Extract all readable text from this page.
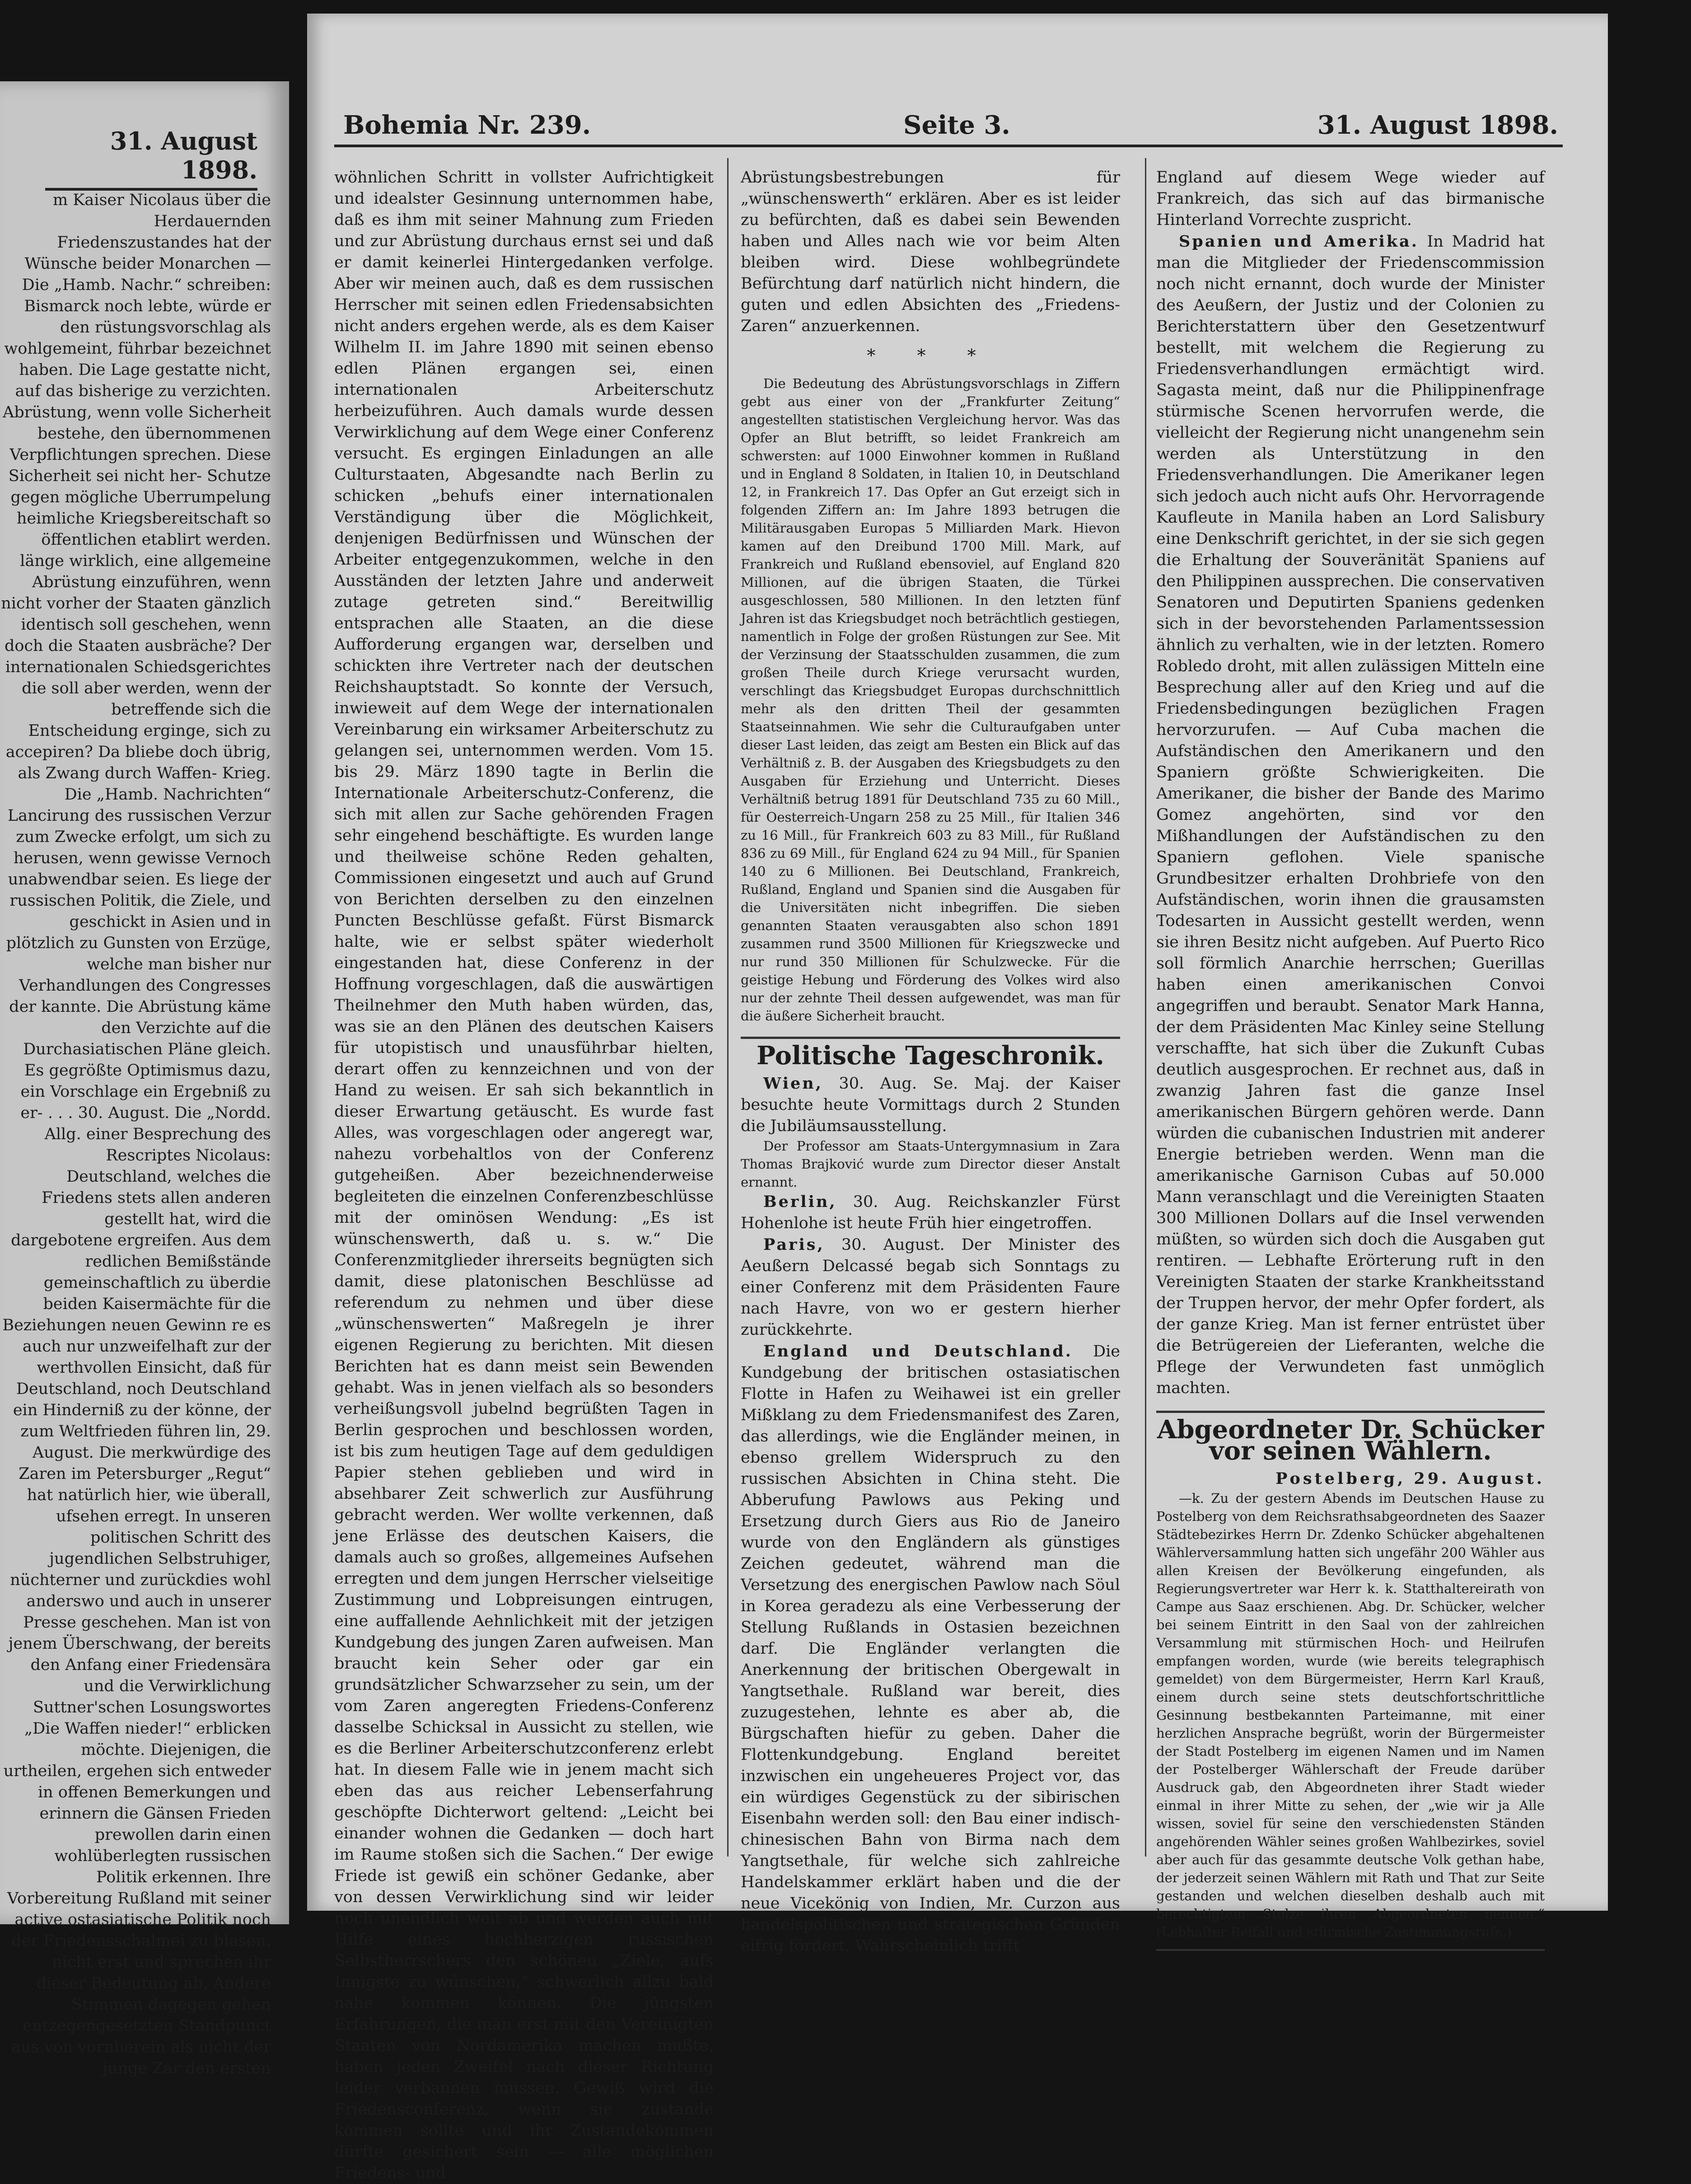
31. August 1898.

m Kaiser Nicolaus über die Herdauernden Friedenszustandes hat der Wünsche beider Monarchen — Die „Hamb. Nachr.“ schreiben: Bismarck noch lebte, würde er den rüstungsvorschlag als wohlgemeint, führbar bezeichnet haben. Die Lage gestatte nicht, auf das bisherige zu verzichten. Abrüstung, wenn volle Sicherheit bestehe, den übernommenen Verpflichtungen sprechen. Diese Sicherheit sei nicht her- Schutze gegen mögliche Uberrumpelung heimliche Kriegsbereitschaft so öffentlichen etablirt werden. länge wirklich, eine allgemeine Abrüstung einzuführen, wenn nicht vorher der Staaten gänzlich identisch soll geschehen, wenn doch die Staaten ausbräche? Der internationalen Schiedsgerichtes die soll aber werden, wenn der betreffende sich die Entscheidung erginge, sich zu accepiren? Da bliebe doch übrig, als Zwang durch Waffen- Krieg. Die „Hamb. Nachrichten“ Lancirung des russischen Verzur zum Zwecke erfolgt, um sich zu herusen, wenn gewisse Vernoch unabwendbar seien. Es liege der russischen Politik, die Ziele, und geschickt in Asien und in plötzlich zu Gunsten von Erzüge, welche man bisher nur Verhandlungen des Congresses der kannte. Die Abrüstung käme den Verzichte auf die Durchasiatischen Pläne gleich. Es gegrößte Optimismus dazu, ein Vorschlage ein Ergebniß zu er- . . . 30. August. Die „Nordd. Allg. einer Besprechung des Rescriptes Nicolaus: Deutschland, welches die Friedens stets allen anderen gestellt hat, wird die dargebotene ergreifen. Aus dem redlichen Bemißstände gemeinschaftlich zu überdie beiden Kaisermächte für die Beziehungen neuen Gewinn re es auch nur unzweifelhaft zur der werthvollen Einsicht, daß für Deutschland, noch Deutschland ein Hinderniß zu der könne, der zum Weltfrieden führen lin, 29. August. Die merkwürdige des Zaren im Petersburger „Regut“ hat natürlich hier, wie überall, ufsehen erregt. In unseren politischen Schritt des jugendlichen Selbstruhiger, nüchterner und zurückdies wohl anderswo und auch in unserer Presse geschehen. Man ist von jenem Überschwang, der bereits den Anfang einer Friedensära und die Verwirklichung Suttner'schen Losungswortes „Die Waffen nieder!“ erblicken möchte. Diejenigen, die urtheilen, ergehen sich entweder in offenen Bemerkungen und erinnern die Gänsen Frieden prewollen darin einen wohlüberlegten russischen Politik erkennen. Ihre Vorbereitung Rußland mit seiner active ostasiatische Politik noch der Friedensschalmei zu blasen. nicht erst und sprechen ihr dieser Bedeutung ab. Andere Stimmen dagegen gehen entzegengesetzten Standpunct aus von vornherein als nicht der junge Zar den ersten

Bohemia Nr. 239.	Seite 3.	31. August 1898.

wöhnlichen Schritt in vollster Aufrichtigkeit und idealster Gesinnung unternommen habe, daß es ihm mit seiner Mahnung zum Frieden und zur Abrüstung durchaus ernst sei und daß er damit keinerlei Hintergedanken verfolge. Aber wir meinen auch, daß es dem russischen Herrscher mit seinen edlen Friedensabsichten nicht anders ergehen werde, als es dem Kaiser Wilhelm II. im Jahre 1890 mit seinen ebenso edlen Plänen ergangen sei, einen internationalen Arbeiterschutz herbeizuführen. Auch damals wurde dessen Verwirklichung auf dem Wege einer Conferenz versucht. Es ergingen Einladungen an alle Culturstaaten, Abgesandte nach Berlin zu schicken „behufs einer internationalen Verständigung über die Möglichkeit, denjenigen Bedürfnissen und Wünschen der Arbeiter entgegenzukommen, welche in den Ausständen der letzten Jahre und anderweit zutage getreten sind.“ Bereitwillig entsprachen alle Staaten, an die diese Aufforderung ergangen war, derselben und schickten ihre Vertreter nach der deutschen Reichshauptstadt. So konnte der Versuch, inwieweit auf dem Wege der internationalen Vereinbarung ein wirksamer Arbeiterschutz zu gelangen sei, unternommen werden. Vom 15. bis 29. März 1890 tagte in Berlin die Internationale Arbeiterschutz-Conferenz, die sich mit allen zur Sache gehörenden Fragen sehr eingehend beschäftigte. Es wurden lange und theilweise schöne Reden gehalten, Commissionen eingesetzt und auch auf Grund von Berichten derselben zu den einzelnen Puncten Beschlüsse gefaßt. Fürst Bismarck halte, wie er selbst später wiederholt eingestanden hat, diese Conferenz in der Hoffnung vorgeschlagen, daß die auswärtigen Theilnehmer den Muth haben würden, das, was sie an den Plänen des deutschen Kaisers für utopistisch und unausführbar hielten, derart offen zu kennzeichnen und von der Hand zu weisen. Er sah sich bekanntlich in dieser Erwartung getäuscht. Es wurde fast Alles, was vorgeschlagen oder angeregt war, nahezu vorbehaltlos von der Conferenz gutgeheißen. Aber bezeichnenderweise begleiteten die einzelnen Conferenzbeschlüsse mit der ominösen Wendung: „Es ist wünschenswerth, daß u. s. w.“ Die Conferenzmitglieder ihrerseits begnügten sich damit, diese platonischen Beschlüsse ad referendum zu nehmen und über diese „wünschenswerten“ Maßregeln je ihrer eigenen Regierung zu berichten. Mit diesen Berichten hat es dann meist sein Bewenden gehabt. Was in jenen vielfach als so besonders verheißungsvoll jubelnd begrüßten Tagen in Berlin gesprochen und beschlossen worden, ist bis zum heutigen Tage auf dem geduldigen Papier stehen geblieben und wird in absehbarer Zeit schwerlich zur Ausführung gebracht werden. Wer wollte verkennen, daß jene Erlässe des deutschen Kaisers, die damals auch so großes, allgemeines Aufsehen erregten und dem jungen Herrscher vielseitige Zustimmung und Lobpreisungen eintrugen, eine auffallende Aehnlichkeit mit der jetzigen Kundgebung des jungen Zaren aufweisen. Man braucht kein Seher oder gar ein grundsätzlicher Schwarzseher zu sein, um der vom Zaren angeregten Friedens-Conferenz dasselbe Schicksal in Aussicht zu stellen, wie es die Berliner Arbeiterschutzconferenz erlebt hat. In diesem Falle wie in jenem macht sich eben das aus reicher Lebenserfahrung geschöpfte Dichterwort geltend: „Leicht bei einander wohnen die Gedanken — doch hart im Raume stoßen sich die Sachen.“ Der ewige Friede ist gewiß ein schöner Gedanke, aber von dessen Verwirklichung sind wir leider noch unendlich weit ab und werden auch mit Hilfe eines hochherzigen russischen Selbstherrschers den schönen „Ziele, aufs Innigste zu wünschen,“ schwerlich allzu bald nahe kommen können. Die jüngsten Erfahrungen, die man erst mit den Vereinigten Staaten von Nordamerika machen mußte, haben jeden Zweifel nach dieser Richtung leider verbannen müssen. Gewiß wird die Friedensconferenz, wenn sie zustande kommen sollte und ihr Zustandekommen dürfte gesichert sein — alle möglichen Friedens- und

Abrüstungsbestrebungen für „wünschenswerth“ erklären. Aber es ist leider zu befürchten, daß es dabei sein Bewenden haben und Alles nach wie vor beim Alten bleiben wird. Diese wohlbegründete Befürchtung darf natürlich nicht hindern, die guten und edlen Absichten des „Friedens-Zaren“ anzuerkennen.

* * *

Die Bedeutung des Abrüstungsvorschlags in Ziffern gebt aus einer von der „Frankfurter Zeitung“ angestellten statistischen Vergleichung hervor. Was das Opfer an Blut betrifft, so leidet Frankreich am schwersten: auf 1000 Einwohner kommen in Rußland und in England 8 Soldaten, in Italien 10, in Deutschland 12, in Frankreich 17. Das Opfer an Gut erzeigt sich in folgenden Ziffern an: Im Jahre 1893 betrugen die Militärausgaben Europas 5 Milliarden Mark. Hievon kamen auf den Dreibund 1700 Mill. Mark, auf Frankreich und Rußland ebensoviel, auf England 820 Millionen, auf die übrigen Staaten, die Türkei ausgeschlossen, 580 Millionen. In den letzten fünf Jahren ist das Kriegsbudget noch beträchtlich gestiegen, namentlich in Folge der großen Rüstungen zur See. Mit der Verzinsung der Staatsschulden zusammen, die zum großen Theile durch Kriege verursacht wurden, verschlingt das Kriegsbudget Europas durchschnittlich mehr als den dritten Theil der gesammten Staatseinnahmen. Wie sehr die Culturaufgaben unter dieser Last leiden, das zeigt am Besten ein Blick auf das Verhältniß z. B. der Ausgaben des Kriegsbudgets zu den Ausgaben für Erziehung und Unterricht. Dieses Verhältniß betrug 1891 für Deutschland 735 zu 60 Mill., für Oesterreich-Ungarn 258 zu 25 Mill., für Italien 346 zu 16 Mill., für Frankreich 603 zu 83 Mill., für Rußland 836 zu 69 Mill., für England 624 zu 94 Mill., für Spanien 140 zu 6 Millionen. Bei Deutschland, Frankreich, Rußland, England und Spanien sind die Ausgaben für die Universitäten nicht inbegriffen. Die sieben genannten Staaten verausgabten also schon 1891 zusammen rund 3500 Millionen für Kriegszwecke und nur rund 350 Millionen für Schulzwecke. Für die geistige Hebung und Förderung des Volkes wird also nur der zehnte Theil dessen aufgewendet, was man für die äußere Sicherheit braucht.

Politische Tageschronik.

Wien, 30. Aug. Se. Maj. der Kaiser besuchte heute Vormittags durch 2 Stunden die Jubiläumsausstellung.

Der Professor am Staats-Untergymnasium in Zara Thomas Brajković wurde zum Director dieser Anstalt ernannt.

Berlin, 30. Aug. Reichskanzler Fürst Hohenlohe ist heute Früh hier eingetroffen.

Paris, 30. August. Der Minister des Aeußern Delcassé begab sich Sonntags zu einer Conferenz mit dem Präsidenten Faure nach Havre, von wo er gestern hierher zurückkehrte.

England und Deutschland. Die Kundgebung der britischen ostasiatischen Flotte in Hafen zu Weihawei ist ein greller Mißklang zu dem Friedensmanifest des Zaren, das allerdings, wie die Engländer meinen, in ebenso grellem Widerspruch zu den russischen Absichten in China steht. Die Abberufung Pawlows aus Peking und Ersetzung durch Giers aus Rio de Janeiro wurde von den Engländern als günstiges Zeichen gedeutet, während man die Versetzung des energischen Pawlow nach Söul in Korea geradezu als eine Verbesserung der Stellung Rußlands in Ostasien bezeichnen darf. Die Engländer verlangten die Anerkennung der britischen Obergewalt in Yangtsethale. Rußland war bereit, dies zuzugestehen, lehnte es aber ab, die Bürgschaften hiefür zu geben. Daher die Flottenkundgebung. England bereitet inzwischen ein ungeheueres Project vor, das ein würdiges Gegenstück zu der sibirischen Eisenbahn werden soll: den Bau einer indisch-chinesischen Bahn von Birma nach dem Yangtsethale, für welche sich zahlreiche Handelskammer erklärt haben und die der neue Vicekönig von Indien, Mr. Curzon aus handelspolitischen und strategischen Gründen eifrig fördert. Wahrscheinlich trifft

England auf diesem Wege wieder auf Frankreich, das sich auf das birmanische Hinterland Vorrechte zuspricht.

Spanien und Amerika. In Madrid hat man die Mitglieder der Friedenscommission noch nicht ernannt, doch wurde der Minister des Aeußern, der Justiz und der Colonien zu Berichterstattern über den Gesetzentwurf bestellt, mit welchem die Regierung zu Friedensverhandlungen ermächtigt wird. Sagasta meint, daß nur die Philippinenfrage stürmische Scenen hervorrufen werde, die vielleicht der Regierung nicht unangenehm sein werden als Unterstützung in den Friedensverhandlungen. Die Amerikaner legen sich jedoch auch nicht aufs Ohr. Hervorragende Kaufleute in Manila haben an Lord Salisbury eine Denkschrift gerichtet, in der sie sich gegen die Erhaltung der Souveränität Spaniens auf den Philippinen aussprechen. Die conservativen Senatoren und Deputirten Spaniens gedenken sich in der bevorstehenden Parlamentssession ähnlich zu verhalten, wie in der letzten. Romero Robledo droht, mit allen zulässigen Mitteln eine Besprechung aller auf den Krieg und auf die Friedensbedingungen bezüglichen Fragen hervorzurufen. — Auf Cuba machen die Aufständischen den Amerikanern und den Spaniern größte Schwierigkeiten. Die Amerikaner, die bisher der Bande des Marimo Gomez angehörten, sind vor den Mißhandlungen der Aufständischen zu den Spaniern geflohen. Viele spanische Grundbesitzer erhalten Drohbriefe von den Aufständischen, worin ihnen die grausamsten Todesarten in Aussicht gestellt werden, wenn sie ihren Besitz nicht aufgeben. Auf Puerto Rico soll förmlich Anarchie herrschen; Guerillas haben einen amerikanischen Convoi angegriffen und beraubt. Senator Mark Hanna, der dem Präsidenten Mac Kinley seine Stellung verschaffte, hat sich über die Zukunft Cubas deutlich ausgesprochen. Er rechnet aus, daß in zwanzig Jahren fast die ganze Insel amerikanischen Bürgern gehören werde. Dann würden die cubanischen Industrien mit anderer Energie betrieben werden. Wenn man die amerikanische Garnison Cubas auf 50.000 Mann veranschlagt und die Vereinigten Staaten 300 Millionen Dollars auf die Insel verwenden müßten, so würden sich doch die Ausgaben gut rentiren. — Lebhafte Erörterung ruft in den Vereinigten Staaten der starke Krankheitsstand der Truppen hervor, der mehr Opfer fordert, als der ganze Krieg. Man ist ferner entrüstet über die Betrügereien der Lieferanten, welche die Pflege der Verwundeten fast unmöglich machten.

Abgeordneter Dr. Schücker vor seinen Wählern.

Postelberg, 29. August.

—k. Zu der gestern Abends im Deutschen Hause zu Postelberg von dem Reichsrathsabgeordneten des Saazer Städtebezirkes Herrn Dr. Zdenko Schücker abgehaltenen Wählerversammlung hatten sich ungefähr 200 Wähler aus allen Kreisen der Bevölkerung eingefunden, als Regierungsvertreter war Herr k. k. Statthaltereirath von Campe aus Saaz erschienen. Abg. Dr. Schücker, welcher bei seinem Eintritt in den Saal von der zahlreichen Versammlung mit stürmischen Hoch- und Heilrufen empfangen worden, wurde (wie bereits telegraphisch gemeldet) von dem Bürgermeister, Herrn Karl Krauß, einem durch seine stets deutschfortschrittliche Gesinnung bestbekannten Parteimanne, mit einer herzlichen Ansprache begrüßt, worin der Bürgermeister der Stadt Postelberg im eigenen Namen und im Namen der Postelberger Wählerschaft der Freude darüber Ausdruck gab, den Abgeordneten ihrer Stadt wieder einmal in ihrer Mitte zu sehen, der „wie wir ja Alle wissen, soviel für seine den verschiedensten Ständen angehörenden Wähler seines großen Wahlbezirkes, soviel aber auch für das gesammte deutsche Volk gethan habe, der jederzeit seinen Wählern mit Rath und That zur Seite gestanden und welchen dieselben deshalb auch mit berechtigtem Stolze ihren Abgeordneten nennen.“ (Lebhafter Beifall und stürmische Zustimmungsrufe.)
